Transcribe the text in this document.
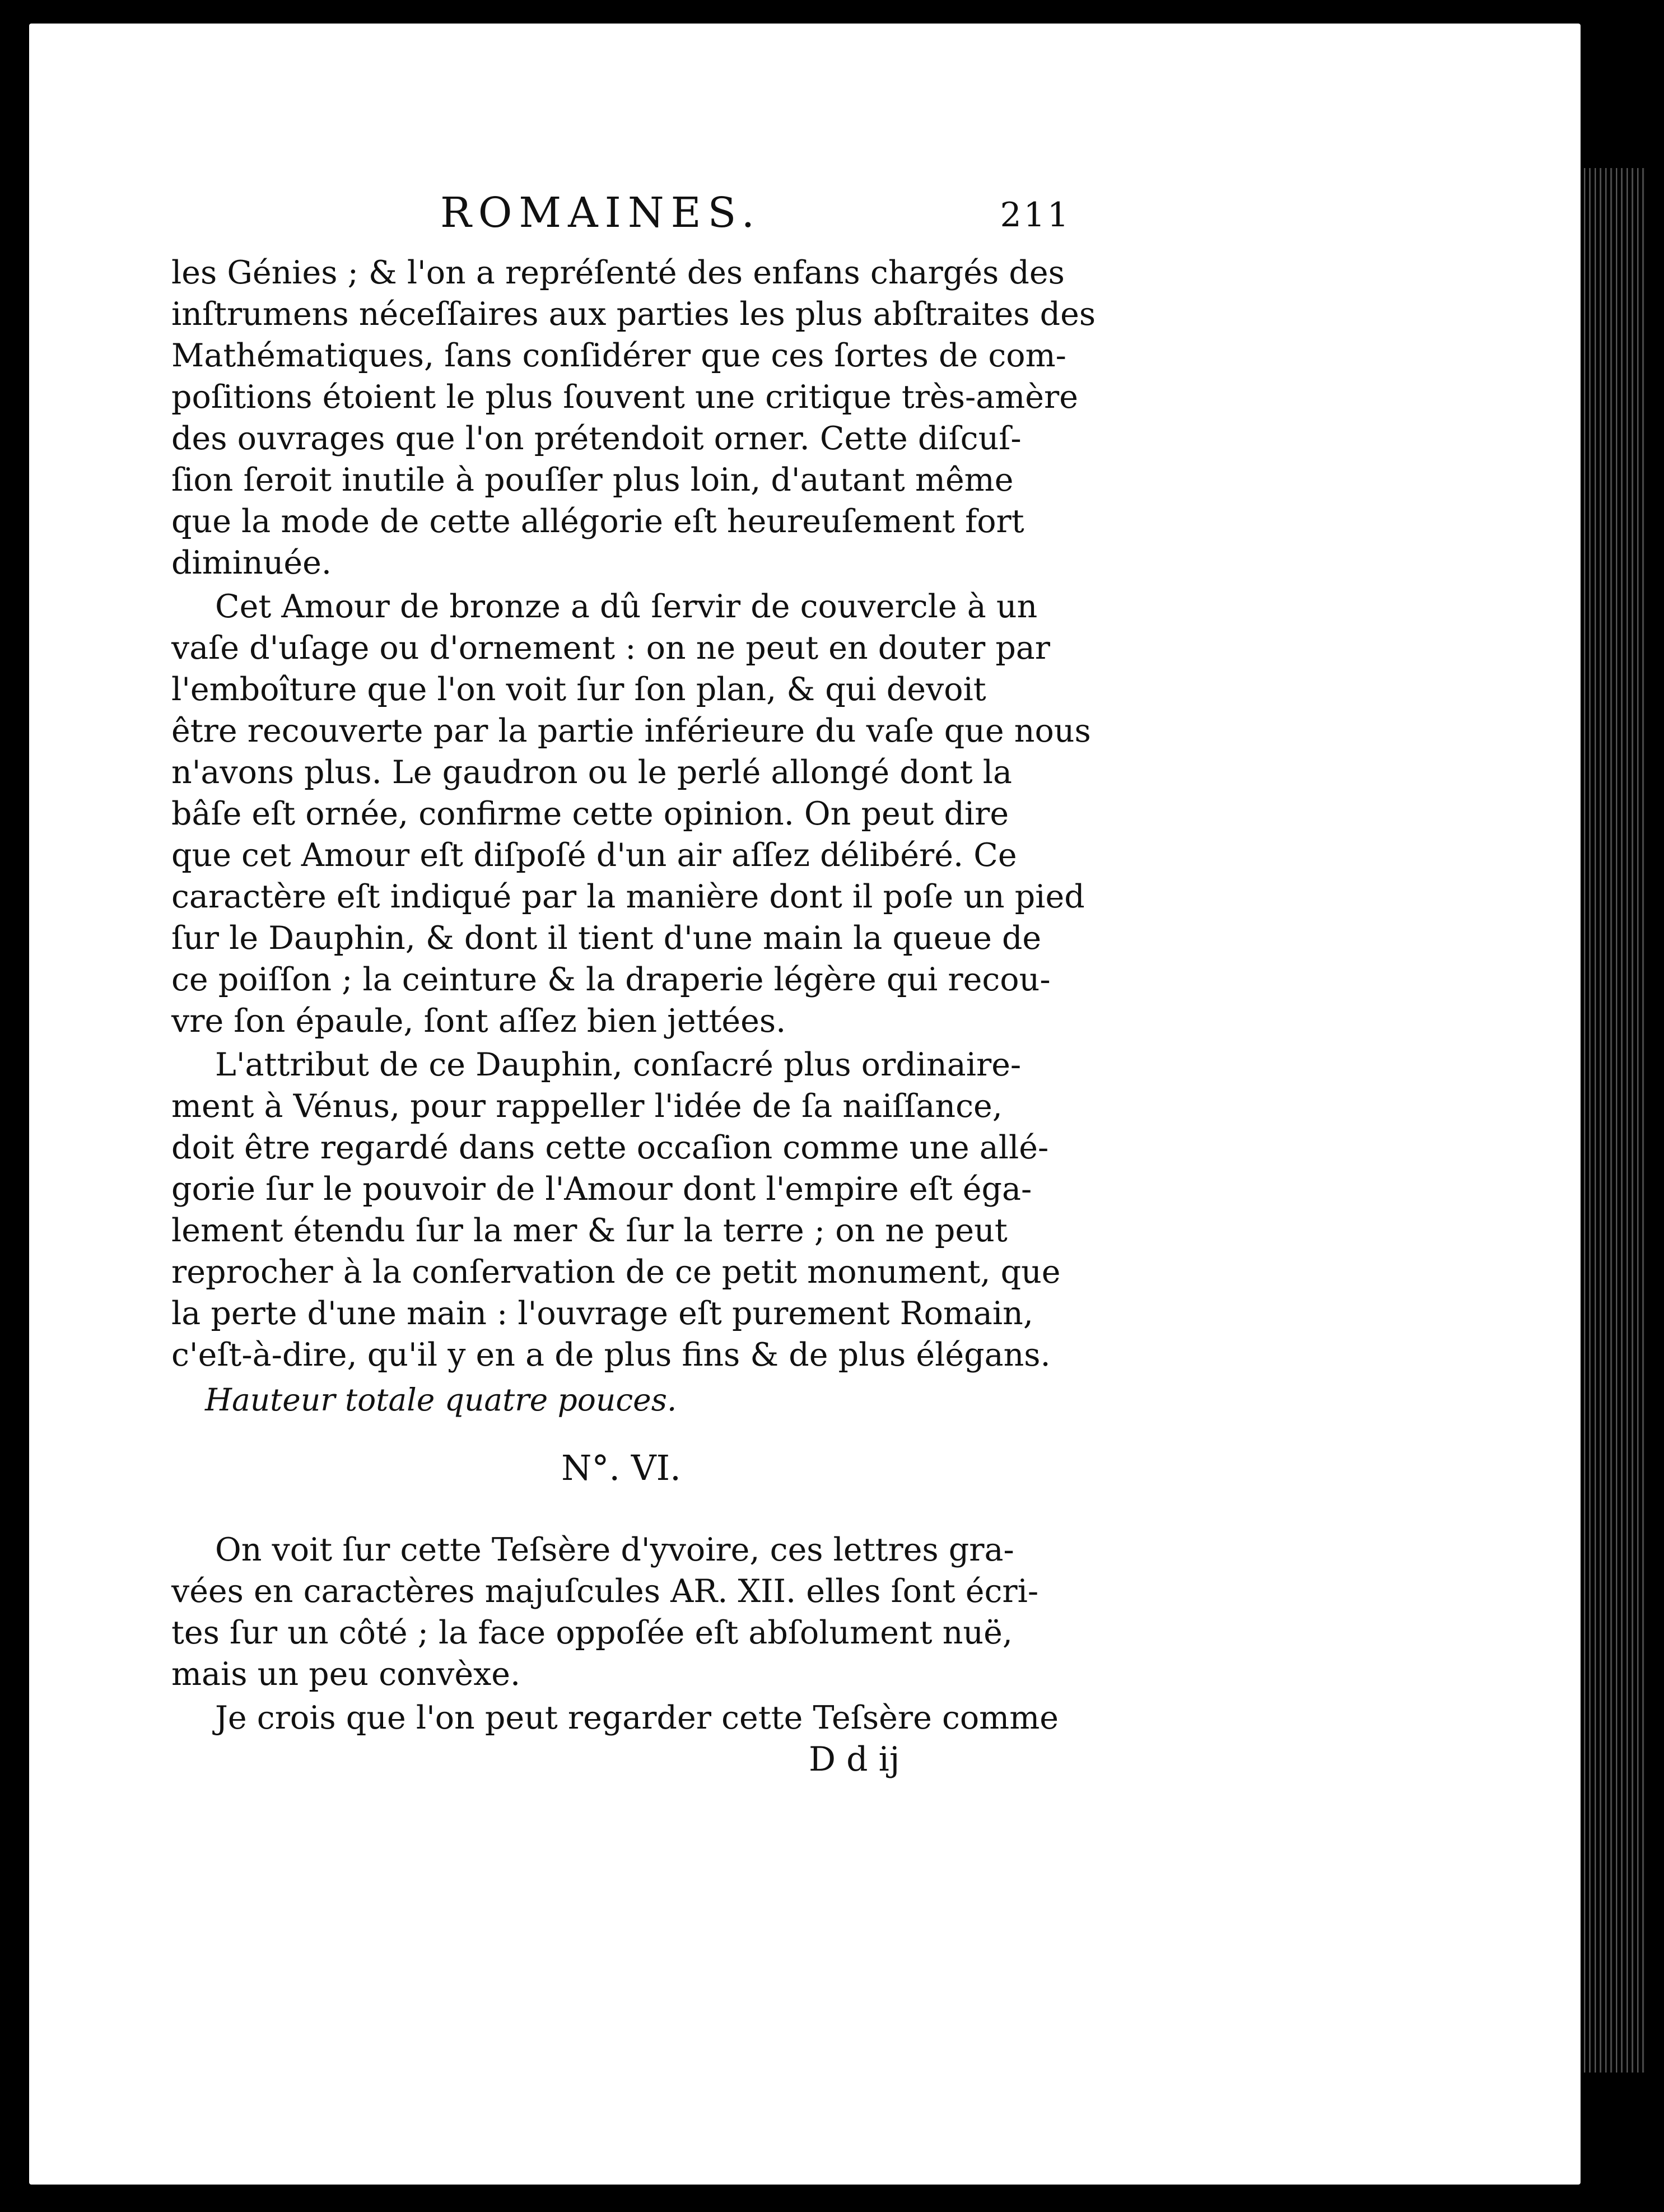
ROMAINES.	211
les Génies ; & l'on a repréſenté des enfans chargés des
inſtrumens néceſſaires aux parties les plus abſtraites des
Mathématiques, ſans conſidérer que ces ſortes de com-
poſitions étoient le plus ſouvent une critique très-amère
des ouvrages que l'on prétendoit orner. Cette diſcuſ-
ſion ſeroit inutile à pouſſer plus loin, d'autant même
que la mode de cette allégorie eſt heureuſement fort
diminuée.
Cet Amour de bronze a dû ſervir de couvercle à un
vaſe d'uſage ou d'ornement : on ne peut en douter par
l'emboîture que l'on voit ſur ſon plan, & qui devoit
être recouverte par la partie inférieure du vaſe que nous
n'avons plus. Le gaudron ou le perlé allongé dont la
bâſe eſt ornée, confirme cette opinion. On peut dire
que cet Amour eſt diſpoſé d'un air aſſez délibéré. Ce
caractère eſt indiqué par la manière dont il poſe un pied
ſur le Dauphin, & dont il tient d'une main la queue de
ce poiſſon ; la ceinture & la draperie légère qui recou-
vre ſon épaule, ſont aſſez bien jettées.
L'attribut de ce Dauphin, conſacré plus ordinaire-
ment à Vénus, pour rappeller l'idée de ſa naiſſance,
doit être regardé dans cette occaſion comme une allé-
gorie ſur le pouvoir de l'Amour dont l'empire eſt éga-
lement étendu ſur la mer & ſur la terre ; on ne peut
reprocher à la conſervation de ce petit monument, que
la perte d'une main : l'ouvrage eſt purement Romain,
c'eſt-à-dire, qu'il y en a de plus fins & de plus élégans.
Hauteur totale quatre pouces.
N°. VI.
On voit ſur cette Teſsère d'yvoire, ces lettres gra-
vées en caractères majuſcules AR. XII. elles ſont écri-
tes ſur un côté ; la face oppoſée eſt abſolument nuë,
mais un peu convèxe.
Je crois que l'on peut regarder cette Teſsère comme
D d ij
